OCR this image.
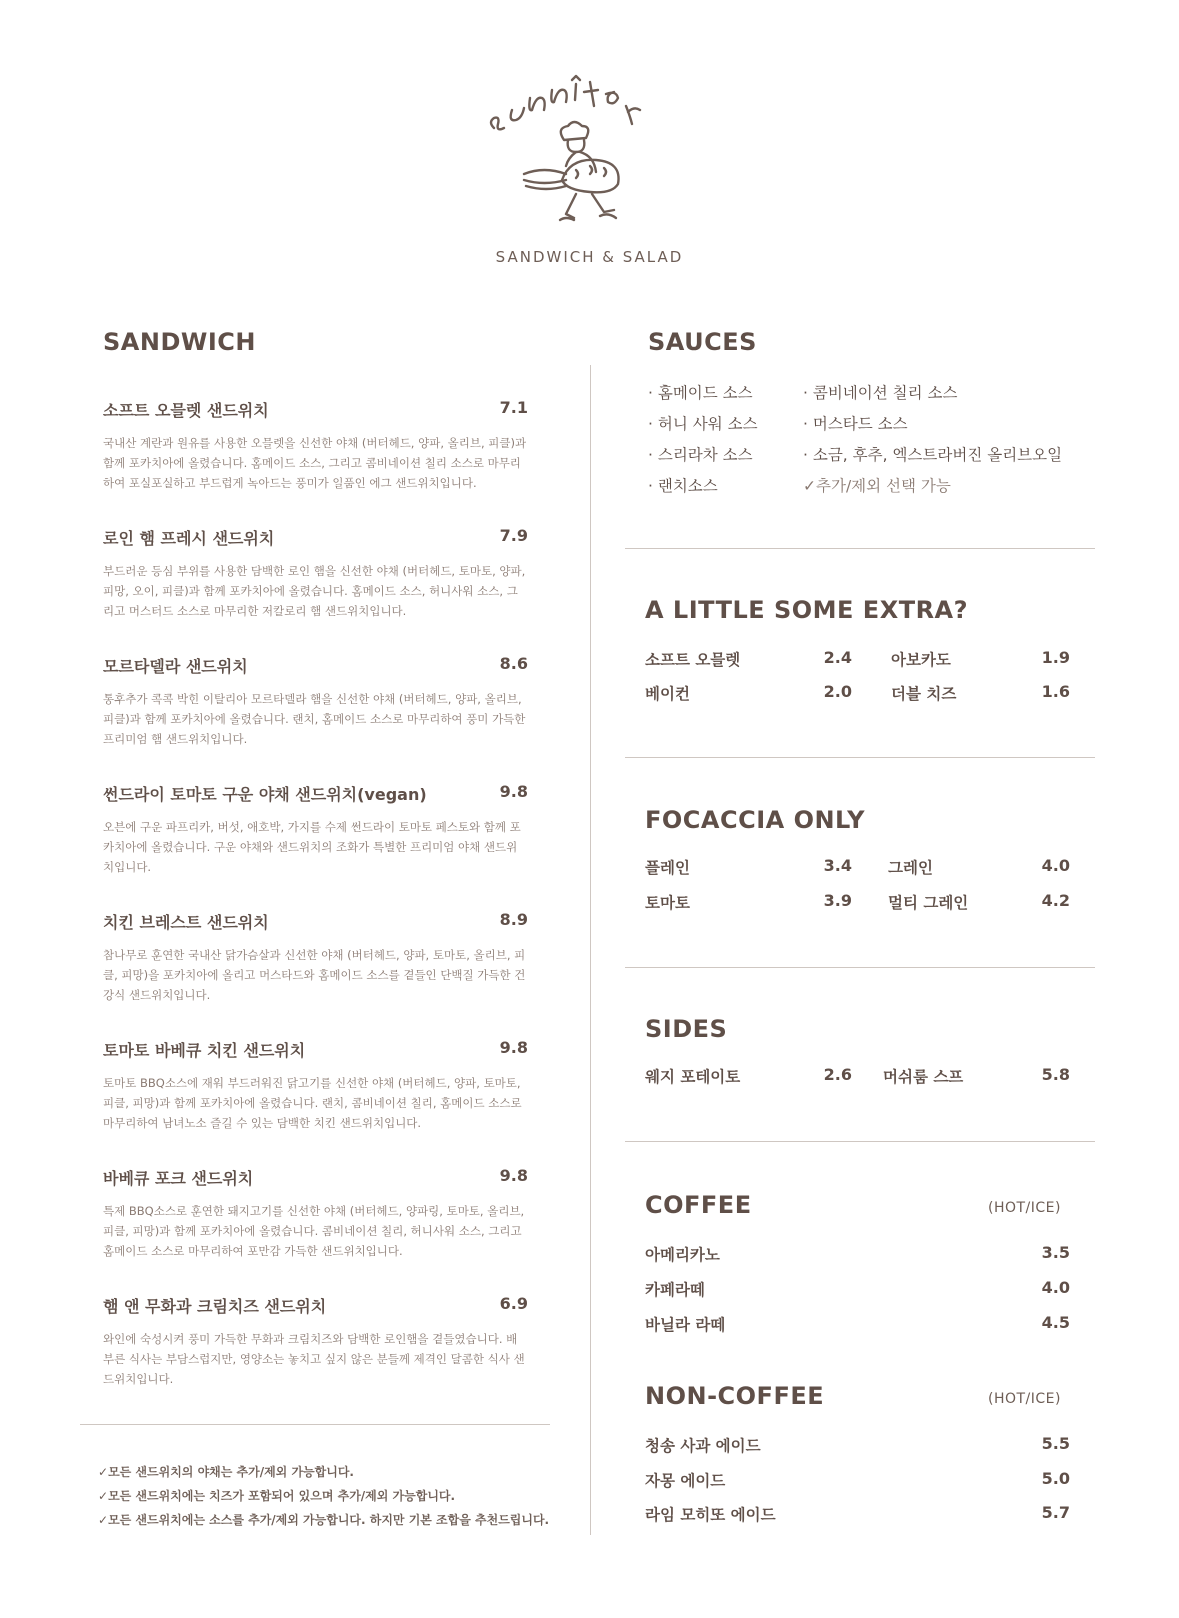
SANDWICH & SALAD
SANDWICH
소프트 오믈렛 샌드위치	7.1
국내산 계란과 원유를 사용한 오믈렛을 신선한 야채 (버터헤드, 양파, 올리브, 피클)과 함께 포카치아에 올렸습니다. 홈메이드 소스, 그리고 콤비네이션 칠리 소스로 마무리하여 포실포실하고 부드럽게 녹아드는 풍미가 일품인 에그 샌드위치입니다.
로인 햄 프레시 샌드위치	7.9
부드러운 등심 부위를 사용한 담백한 로인 햄을 신선한 야채 (버터헤드, 토마토, 양파, 피망, 오이, 피클)과 함께 포카치아에 올렸습니다. 홈메이드 소스, 허니사워 소스, 그리고 머스터드 소스로 마무리한 저칼로리 햄 샌드위치입니다.
모르타델라 샌드위치	8.6
통후추가 콕콕 박힌 이탈리아 모르타델라 햄을 신선한 야채 (버터헤드, 양파, 올리브, 피클)과 함께 포카치아에 올렸습니다. 랜치, 홈메이드 소스로 마무리하여 풍미 가득한 프리미엄 햄 샌드위치입니다.
썬드라이 토마토 구운 야채 샌드위치(vegan)	9.8
오븐에 구운 파프리카, 버섯, 애호박, 가지를 수제 썬드라이 토마토 페스토와 함께 포카치아에 올렸습니다. 구운 야채와 샌드위치의 조화가 특별한 프리미엄 야채 샌드위치입니다.
치킨 브레스트 샌드위치	8.9
참나무로 훈연한 국내산 닭가슴살과 신선한 야채 (버터헤드, 양파, 토마토, 올리브, 피클, 피망)을 포카치아에 올리고 머스타드와 홈메이드 소스를 곁들인 단백질 가득한 건강식 샌드위치입니다.
토마토 바베큐 치킨 샌드위치	9.8
토마토 BBQ소스에 재워 부드러워진 닭고기를 신선한 야채 (버터헤드, 양파, 토마토, 피클, 피망)과 함께 포카치아에 올렸습니다. 랜치, 콤비네이션 칠리, 홈메이드 소스로 마무리하여 남녀노소 즐길 수 있는 담백한 치킨 샌드위치입니다.
바베큐 포크 샌드위치	9.8
특제 BBQ소스로 훈연한 돼지고기를 신선한 야채 (버터헤드, 양파링, 토마토, 올리브, 피클, 피망)과 함께 포카치아에 올렸습니다. 콤비네이션 칠리, 허니사워 소스, 그리고 홈메이드 소스로 마무리하여 포만감 가득한 샌드위치입니다.
햄 앤 무화과 크림치즈 샌드위치	6.9
와인에 숙성시켜 풍미 가득한 무화과 크림치즈와 담백한 로인햄을 곁들였습니다. 배부른 식사는 부담스럽지만, 영양소는 놓치고 싶지 않은 분들께 제격인 달콤한 식사 샌드위치입니다.
✓ 모든 샌드위치의 야채는 추가/제외 가능합니다.
✓ 모든 샌드위치에는 치즈가 포함되어 있으며 추가/제외 가능합니다.
✓ 모든 샌드위치에는 소스를 추가/제외 가능합니다. 하지만 기본 조합을 추천드립니다.
SAUCES
· 홈메이드 소스
· 허니 사워 소스
· 스리라차 소스
· 랜치소스
· 콤비네이션 칠리 소스
· 머스타드 소스
· 소금, 후추, 엑스트라버진 올리브오일
✓ 추가/제외 선택 가능
A LITTLE SOME EXTRA?
소프트 오믈렛	2.4	아보카도	1.9
베이컨	2.0	더블 치즈	1.6
FOCACCIA ONLY
플레인	3.4 그레인	4.0
토마토	3.9 멀티 그레인	4.2
SIDES
웨지 포테이토	2.6 머쉬룸 스프	5.8
COFFEE	(HOT/ICE)
아메리카노	3.5
카페라떼	4.0
바닐라 라떼	4.5
NON-COFFEE	(HOT/ICE)
청송 사과 에이드	5.5
자몽 에이드	5.0
라임 모히또 에이드	5.7
